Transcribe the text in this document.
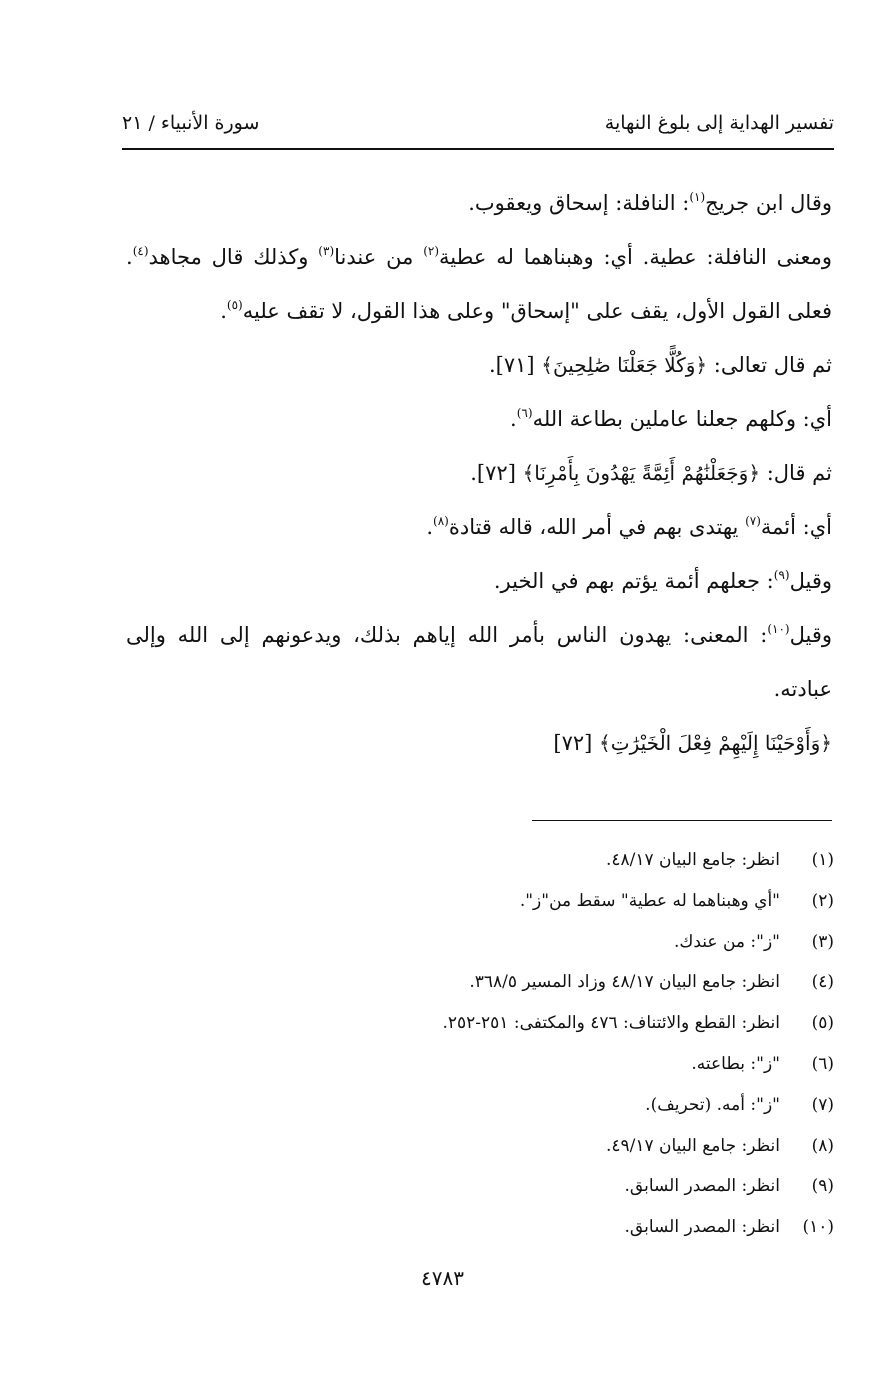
تفسير الهداية إلى بلوغ النهاية
سورة الأنبياء / ٢١

وقال ابن جريج$^{(١)}$: النافلة: إسحاق ويعقوب.

ومعنى النافلة: عطية. أي: وهبناهما له عطية$^{(٢)}$ من عندنا$^{(٣)}$ وكذلك قال مجاهد$^{(٤)}$. فعلى القول الأول، يقف على "إسحاق" وعلى هذا القول، لا تقف عليه$^{(٥)}$.

ثم قال تعالى: ﴿وَكُلًّا جَعَلْنَا صَٰلِحِينَ﴾ [٧١].

أي: وكلهم جعلنا عاملين بطاعة الله$^{(٦)}$.

ثم قال: ﴿وَجَعَلْنَٰهُمْ أَئِمَّةً يَهْدُونَ بِأَمْرِنَا﴾ [٧٢].

أي: أئمة$^{(٧)}$ يهتدى بهم في أمر الله، قاله قتادة$^{(٨)}$.

وقيل$^{(٩)}$: جعلهم أئمة يؤتم بهم في الخير.

وقيل$^{(١٠)}$: المعنى: يهدون الناس بأمر الله إياهم بذلك، ويدعونهم إلى الله وإلى عبادته.

﴿وَأَوْحَيْنَا إِلَيْهِمْ فِعْلَ الْخَيْرَٰتِ﴾ [٧٢]

(١)انظر: جامع البيان ٤٨/١٧.
(٢)"أي وهبناهما له عطية" سقط من"ز".
(٣)"ز": من عندك.
(٤)انظر: جامع البيان ٤٨/١٧ وزاد المسير ٣٦٨/٥.
(٥)انظر: القطع والائتناف: ٤٧٦ والمكتفى: ٢٥١-٢٥٢.
(٦)"ز": بطاعته.
(٧)"ز": أمه. (تحريف).
(٨)انظر: جامع البيان ٤٩/١٧.
(٩)انظر: المصدر السابق.
(١٠)انظر: المصدر السابق.
٤٧٨٣
